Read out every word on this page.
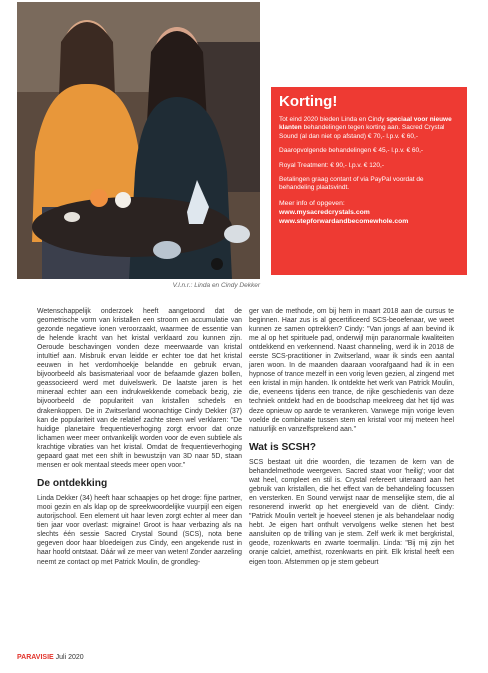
V.l.n.r.: Linda en Cindy Dekker
Korting!

Tot eind 2020 bieden Linda en Cindy speciaal voor nieuwe klanten behandelingen tegen korting aan. Sacred Crystal Sound (al dan niet op afstand) € 70,- l.p.v. € 60,-

Daaropvolgende behandelingen € 45,- l.p.v. € 60,-

Royal Treatment: € 90,- l.p.v. € 120,-

Betalingen graag contant of via PayPal voordat de behandeling plaatsvindt.

Meer info of opgeven:

www.mysacredcrystals.com
www.stepforwardandbecomewhole.com

Wetenschappelijk onderzoek heeft aangetoond dat de geometrische vorm van kristallen een stroom en accumulatie van gezonde negatieve ionen veroorzaakt, waarmee de essentie van de helende kracht van het kristal verklaard zou kunnen zijn. Oeroude beschavingen vonden deze meerwaarde van kristal intuïtief aan. Misbruik ervan leidde er echter toe dat het kristal eeuwen in het verdomhoekje belandde en gebruik ervan, bijvoorbeeld als basismateriaal voor de befaamde glazen bollen, geassocieerd werd met duivelswerk. De laatste jaren is het mineraal echter aan een indrukwekkende comeback bezig, zie bijvoorbeeld de populariteit van kristallen schedels en drakenkoppen. De in Zwitserland woonachtige Cindy Dekker (37) kan de populariteit van de relatief zachte steen wel verklaren: "De huidige planetaire frequentieverhoging zorgt ervoor dat onze lichamen weer meer ontvankelijk worden voor de even subtiele als krachtige vibraties van het kristal. Omdat de frequentieverhoging gepaard gaat met een shift in bewustzijn van 3D naar 5D, staan mensen er ook mentaal steeds meer open voor."

De ontdekking

Linda Dekker (34) heeft haar schaapjes op het droge: fijne partner, mooi gezin en als klap op de spreekwoordelijke vuurpijl een eigen autorijschool. Een element uit haar leven zorgt echter al meer dan tien jaar voor overlast: migraine! Groot is haar verbazing als na slechts één sessie Sacred Crystal Sound (SCS), nota bene gegeven door haar bloedeigen zus Cindy, een angekende rust in haar hoofd ontstaat. Dáár wil ze meer van weten! Zonder aarzeling neemt ze contact op met Patrick Moulin, de grondleg-

ger van de methode, om bij hem in maart 2018 aan de cursus te beginnen. Haar zus is al gecertificeerd SCS-beoefenaar, we weet kunnen ze samen optrekken? Cindy: "Van jongs af aan bevind ik me al op het spirituele pad, onderwijl mijn paranormale kwaliteiten ontdekkend en verkennend. Naast channeling, werd ik in 2018 de eerste SCS-practitioner in Zwitserland, waar ik sinds een aantal jaren woon. In de maanden daaraan voorafgaand had ik in een hypnose of trance mezelf in een vorig leven gezien, al zingend met een kristal in mijn handen. Ik ontdekte het werk van Patrick Moulin, die, eveneens tijdens een trance, de rijke geschiedenis van deze techniek ontdekt had en de boodschap meekreeg dat het tijd was deze opnieuw op aarde te verankeren. Vanwege mijn vorige leven voelde de combinatie tussen stem en kristal voor mij meteen heel natuurlijk en vanzelfsprekend aan."

Wat is SCSH?

SCS bestaat uit drie woorden, die tezamen de kern van de behandelmethode weergeven. Sacred staat voor 'heilig'; voor dat wat heel, compleet en stil is. Crystal refereert uiteraard aan het gebruik van kristallen, die het effect van de behandeling focussen en versterken. En Sound verwijst naar de menselijke stem, die al resonerend inwerkt op het energieveld van de cliënt. Cindy: "Patrick Moulin vertelt je hoeveel stenen je als behandelaar nodig hebt. Je eigen hart onthult vervolgens welke stenen het best aansluiten op de trilling van je stem. Zelf werk ik met bergkristal, geode, rozenkwarts en zwarte toermalijn. Linda: "Bij mij zijn het oranje calciet, amethist, rozenkwarts en pirit. Elk kristal heeft een eigen toon. Afstemmen op je stem gebeurt

PARAVISIE Juli 2020
